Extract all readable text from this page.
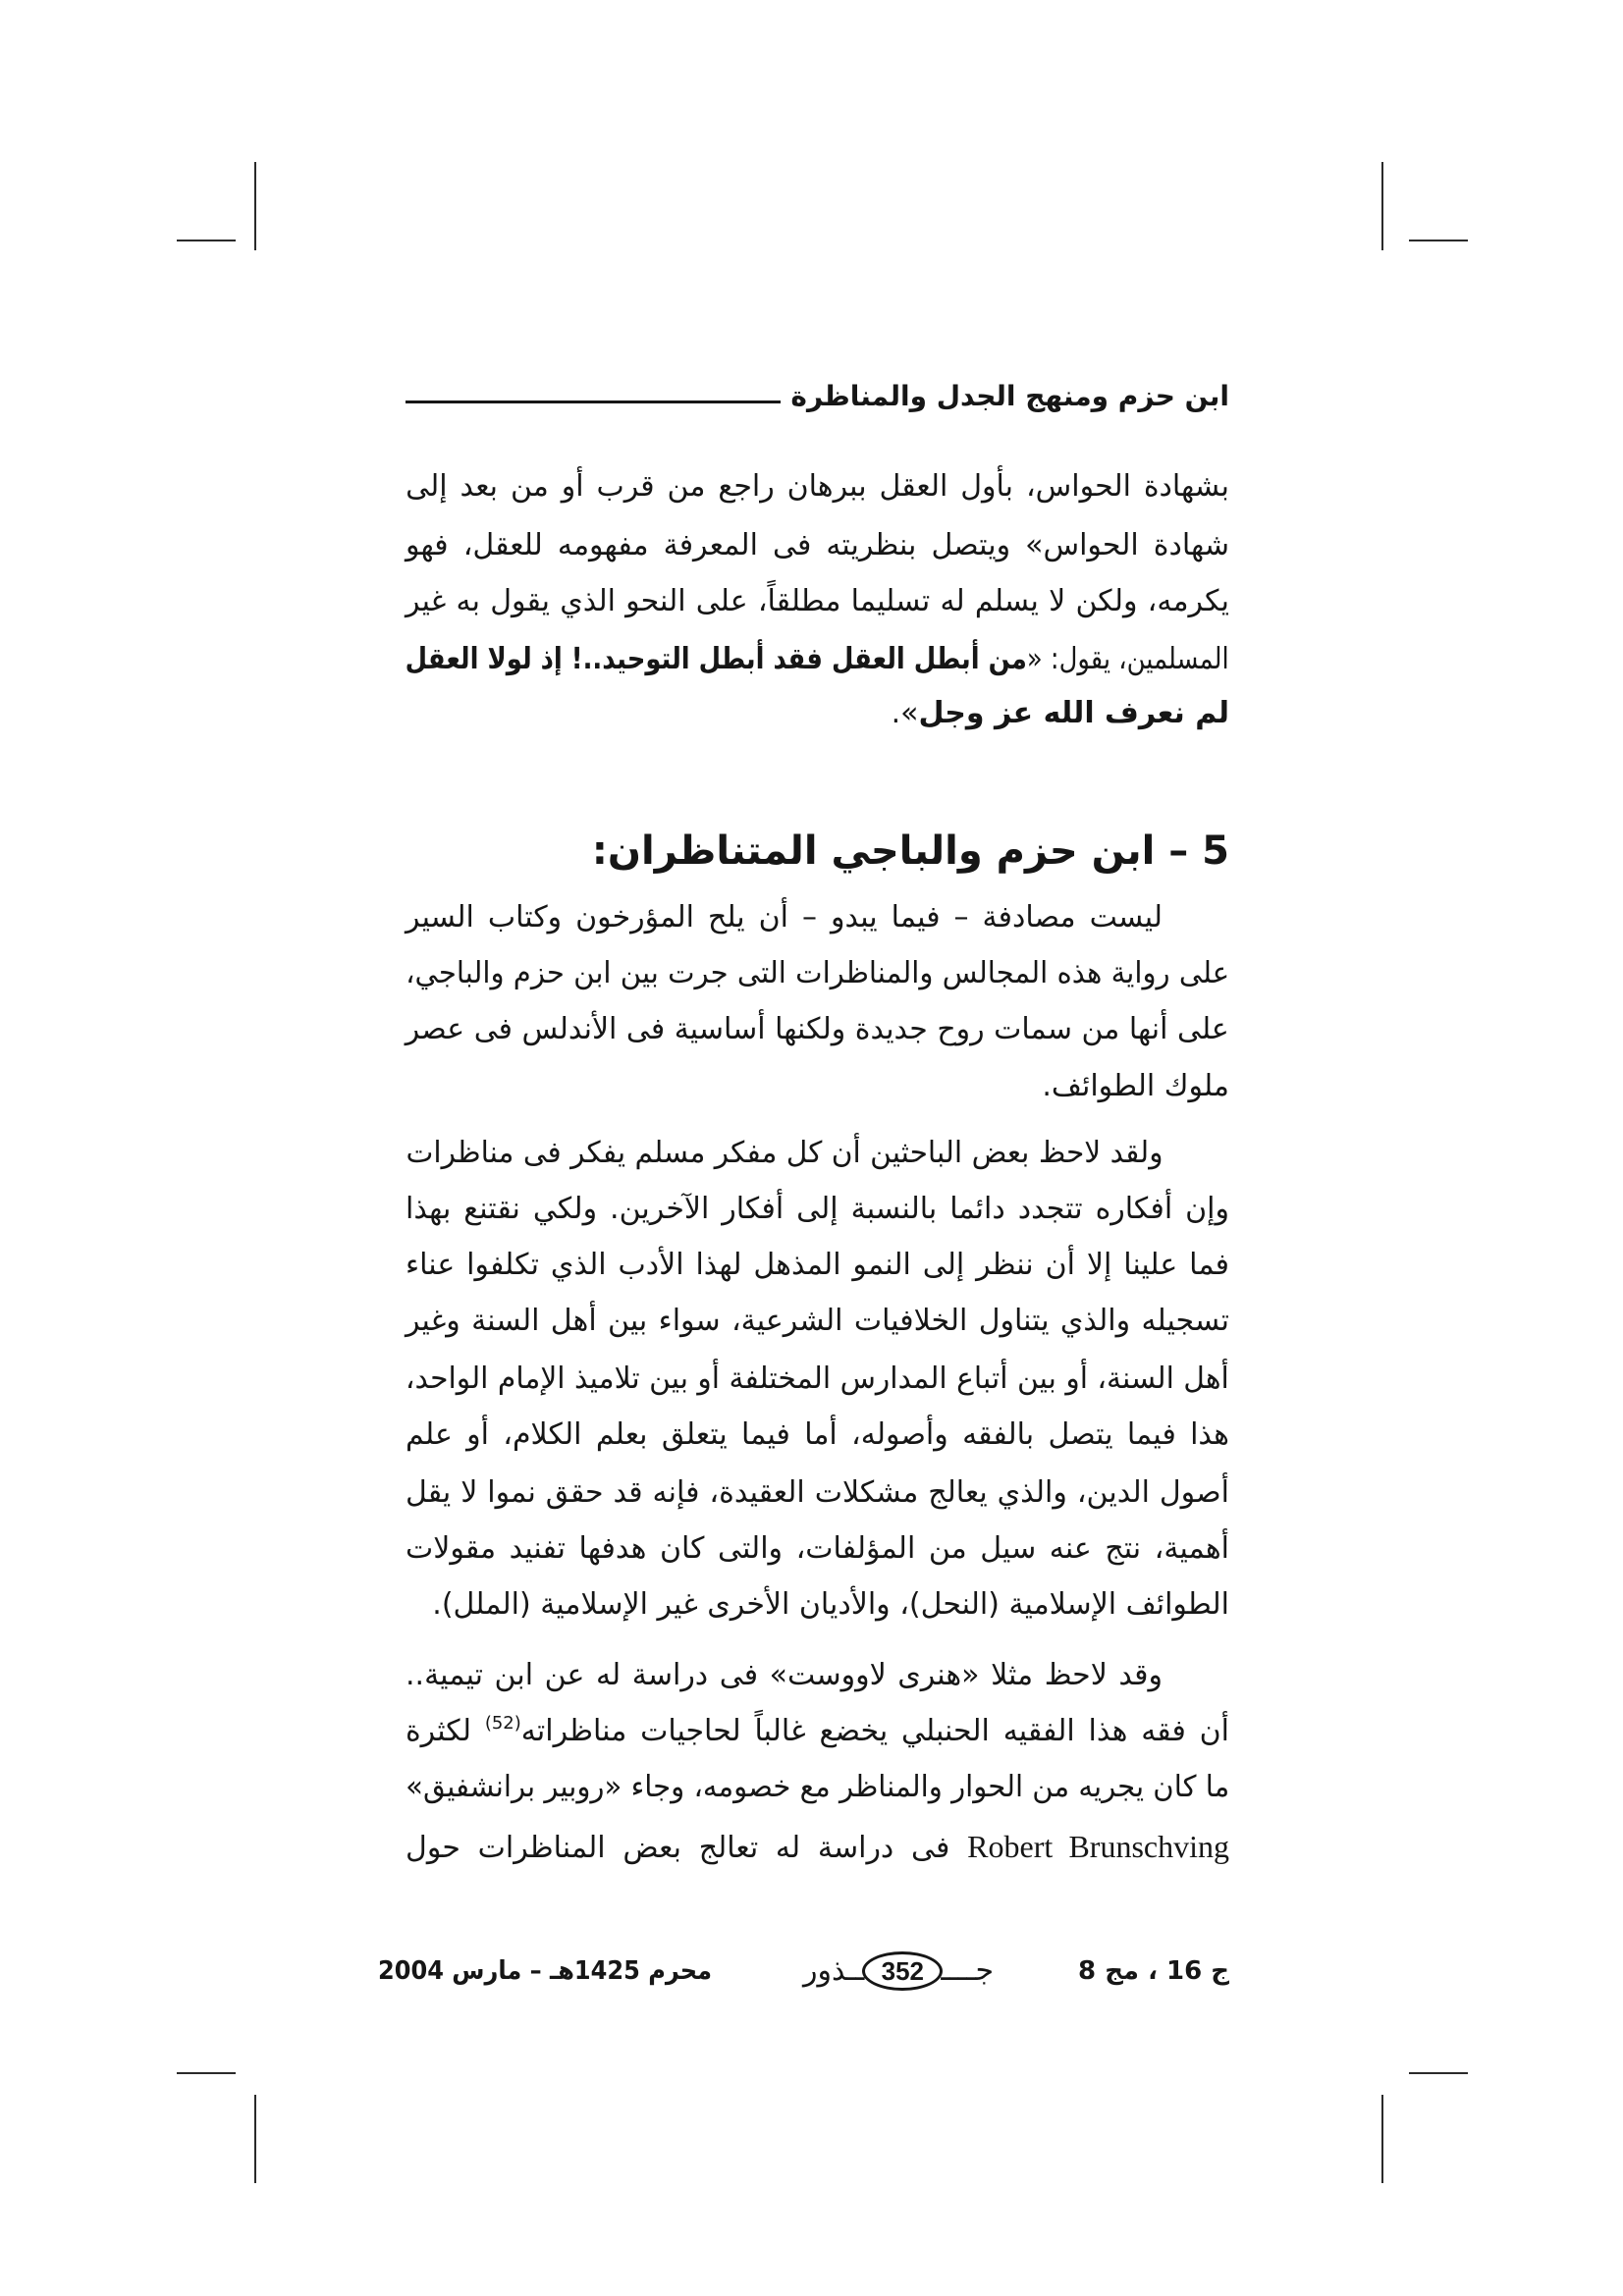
ابن حزم ومنهج الجدل والمناظرة
بشهادة الحواس، بأول العقل ببرهان راجع من قرب أو من بعد إلى
شهادة الحواس» ويتصل بنظريته فى المعرفة مفهومه للعقل، فهو
يكرمه، ولكن لا يسلم له تسليما مطلقاً، على النحو الذي يقول به غير
المسلمين، يقول: «من أبطل العقل فقد أبطل التوحيد..! إذ لولا العقل
لم نعرف الله عز وجل».
5 – ابن حزم والباجي المتناظران:
ليست مصادفة – فيما يبدو – أن يلح المؤرخون وكتاب السير
على رواية هذه المجالس والمناظرات التى جرت بين ابن حزم والباجي،
على أنها من سمات روح جديدة ولكنها أساسية فى الأندلس فى عصر
ملوك الطوائف.
ولقد لاحظ بعض الباحثين أن كل مفكر مسلم يفكر فى مناظرات
وإن أفكاره تتجدد دائما بالنسبة إلى أفكار الآخرين. ولكي نقتنع بهذا
فما علينا إلا أن ننظر إلى النمو المذهل لهذا الأدب الذي تكلفوا عناء
تسجيله والذي يتناول الخلافيات الشرعية، سواء بين أهل السنة وغير
أهل السنة، أو بين أتباع المدارس المختلفة أو بين تلاميذ الإمام الواحد،
هذا فيما يتصل بالفقه وأصوله، أما فيما يتعلق بعلم الكلام، أو علم
أصول الدين، والذي يعالج مشكلات العقيدة، فإنه قد حقق نموا لا يقل
أهمية، نتج عنه سيل من المؤلفات، والتى كان هدفها تفنيد مقولات
الطوائف الإسلامية (النحل)، والأديان الأخرى غير الإسلامية (الملل).
وقد لاحظ مثلا «هنرى لاووست» فى دراسة له عن ابن تيمية..
أن فقه هذا الفقيه الحنبلي يخضع غالباً لحاجيات مناظراته$^{(52)}$ لكثرة
ما كان يجريه من الحوار والمناظر مع خصومه، وجاء «روبير برانشفيق»
Robert Brunschving فى دراسة له تعالج بعض المناظرات حول
ج 16 ، مج 8
جــــ
352
ــذور
محرم 1425هـ – مارس 2004
